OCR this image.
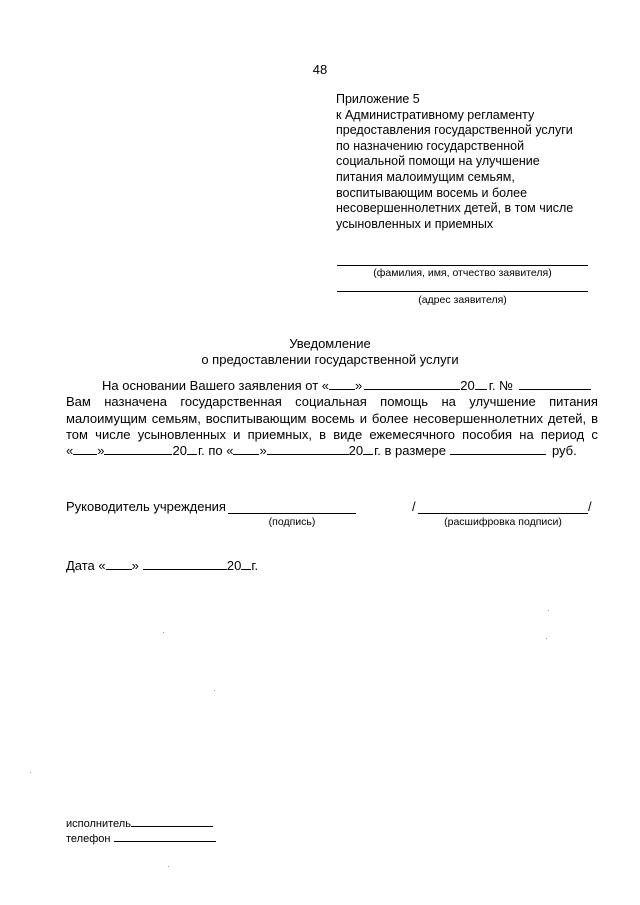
48
Приложение 5
к Административному регламенту
предоставления государственной услуги
по назначению государственной
социальной помощи на улучшение
питания малоимущим семьям,
воспитывающим восемь и более
несовершеннолетних детей, в том числе
усыновленных и приемных
(фамилия, имя, отчество заявителя)
(адрес заявителя)
Уведомление
о предоставлении государственной услуги
На основании Вашего заявления от « »	20 г. №
Вам назначена государственная социальная помощь на улучшение питания
малоимущим семьям, воспитывающим восемь и более несовершеннолетних детей, в
том числе усыновленных и приемных, в виде ежемесячного пособия на период с
« »	20 г. по « »	20 г. в размере	руб.
Руководитель учреждения	/	/
(подпись)	(расшифровка подписи)
Дата « »	20 г.
исполнитель
телефон
